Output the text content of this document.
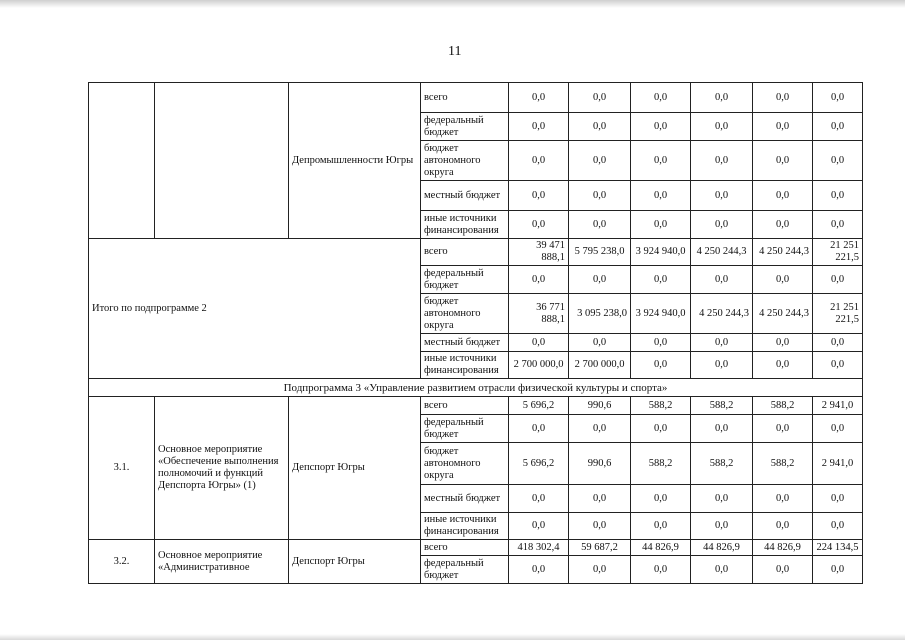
11
		Депромышленности Югры	всего	0,0	0,0	0,0	0,0	0,0	0,0
			федеральный бюджет	0,0	0,0	0,0	0,0	0,0	0,0
			бюджет автономного округа	0,0	0,0	0,0	0,0	0,0	0,0
			местный бюджет	0,0	0,0	0,0	0,0	0,0	0,0
			иные источники финансирования	0,0	0,0	0,0	0,0	0,0	0,0
Итого по подпрограмме 2			всего	39 471 888,1	5 795 238,0	3 924 940,0	4 250 244,3	4 250 244,3	21 251 221,5
			федеральный бюджет	0,0	0,0	0,0	0,0	0,0	0,0
			бюджет автономного округа	36 771 888,1	3 095 238,0	3 924 940,0	4 250 244,3	4 250 244,3	21 251 221,5
			местный бюджет	0,0	0,0	0,0	0,0	0,0	0,0
			иные источники финансирования	2 700 000,0	2 700 000,0	0,0	0,0	0,0	0,0
Подпрограмма 3 «Управление развитием отрасли физической культуры и спорта»									
3.1.	Основное мероприятие «Обеспечение выполнения полномочий и функций Депспорта Югры» (1)	Депспорт Югры	всего	5 696,2	990,6	588,2	588,2	588,2	2 941,0
			федеральный бюджет	0,0	0,0	0,0	0,0	0,0	0,0
			бюджет автономного округа	5 696,2	990,6	588,2	588,2	588,2	2 941,0
			местный бюджет	0,0	0,0	0,0	0,0	0,0	0,0
			иные источники финансирования	0,0	0,0	0,0	0,0	0,0	0,0
3.2.	Основное мероприятие «Административное	Депспорт Югры	всего	418 302,4	59 687,2	44 826,9	44 826,9	44 826,9	224 134,5
			федеральный бюджет	0,0	0,0	0,0	0,0	0,0	0,0
